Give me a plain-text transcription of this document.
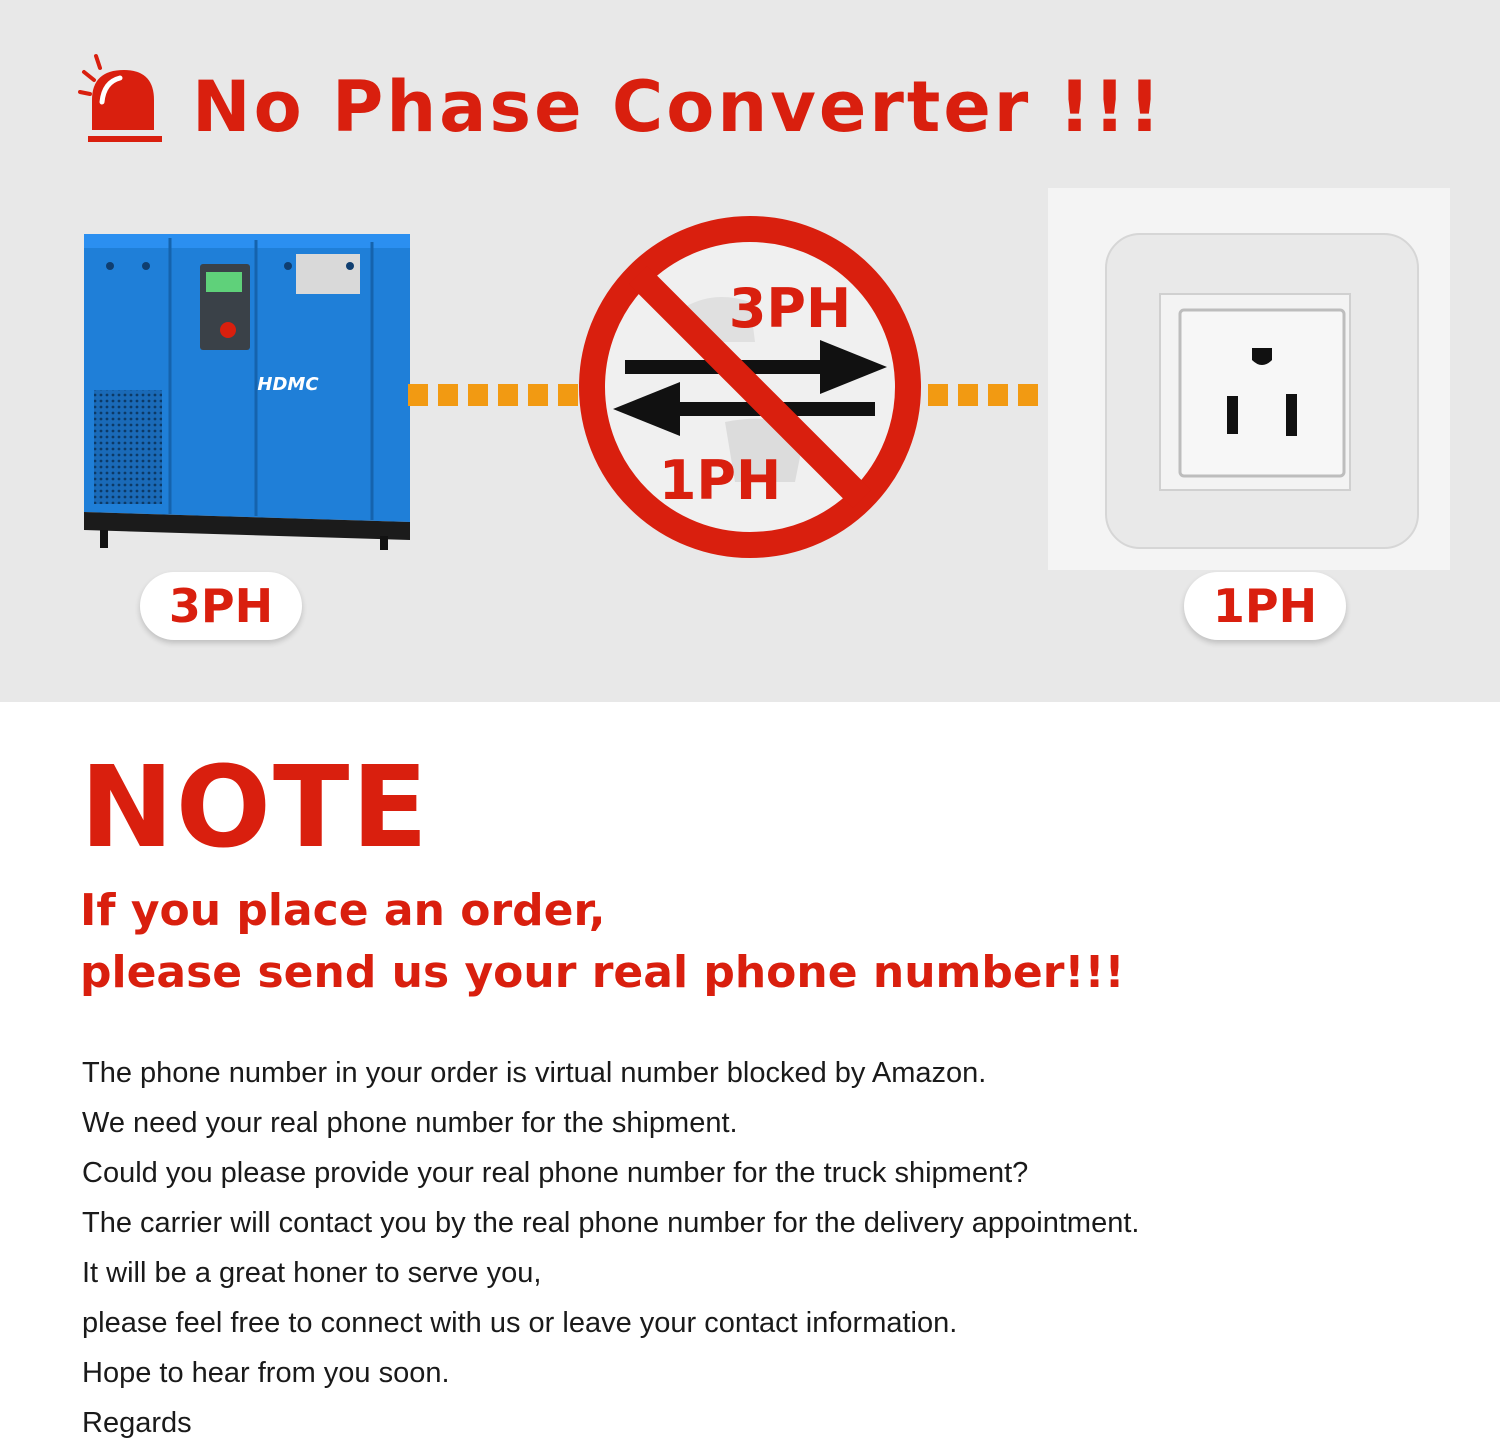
No Phase Converter !!!
HDMC
3PH
1PH
3PH	1PH
NOTE
If you place an order,
please send us your real phone number!!!
The phone number in your order is virtual number blocked by Amazon.
We need your real phone number for the shipment.
Could you please provide your real phone number for the truck shipment?
The carrier will contact you by the real phone number for the delivery appointment.
It will be a great honer to serve you,
please feel free to connect with us or leave your contact information.
Hope to hear from you soon.
Regards
